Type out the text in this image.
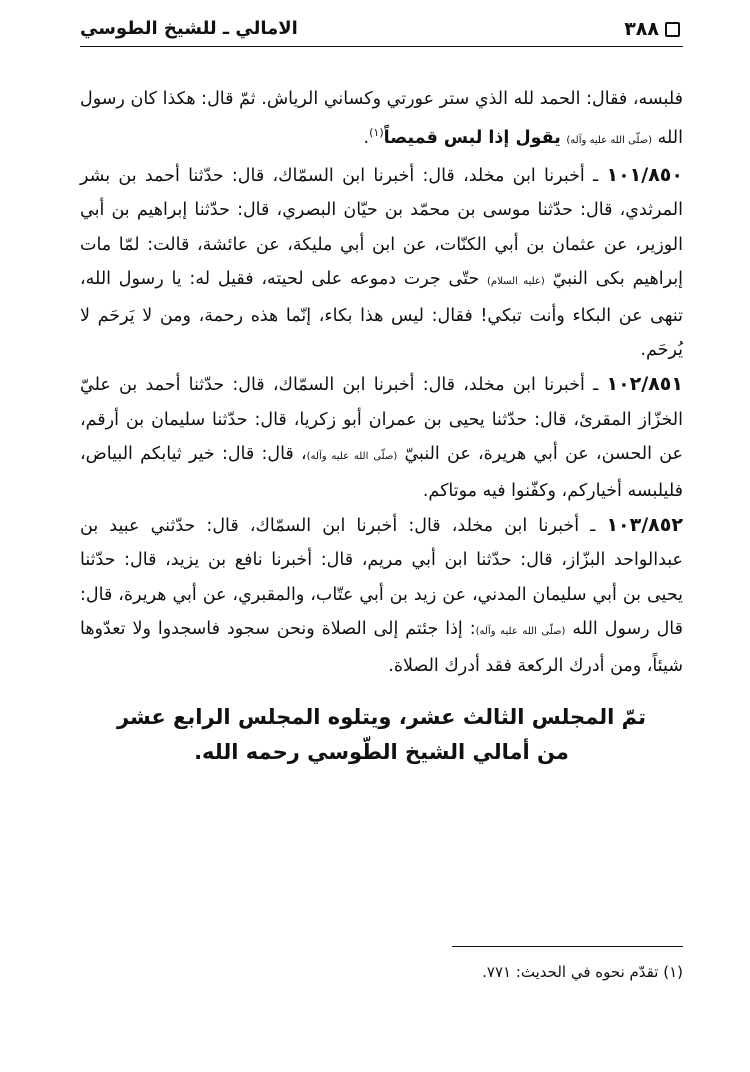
٣٨٨
الامالي ـ للشيخ الطوسي

فلبسه، فقال: الحمد لله الذي ستر عورتي وكساني الرياش. ثمّ قال: هكذا كان رسول الله (صلّى الله عليه وآله) يقول إذا لبس قميصاً$^{(١)}$.

١٠١/٨٥٠ ـ أخبرنا ابن مخلد، قال: أخبرنا ابن السمّاك، قال: حدّثنا أحمد بن بشر المرثدي، قال: حدّثنا موسى بن محمّد بن حيّان البصري، قال: حدّثنا إبراهيم بن أبي الوزير، عن عثمان بن أبي الكنّات، عن ابن أبي مليكة، عن عائشة، قالت: لمّا مات إبراهيم بكى النبيّ (عليه السلام) حتّى جرت دموعه على لحيته، فقيل له: يا رسول الله، تنهى عن البكاء وأنت تبكي! فقال: ليس هذا بكاء، إنّما هذه رحمة، ومن لا يَرحَم لا يُرحَم.

١٠٢/٨٥١ ـ أخبرنا ابن مخلد، قال: أخبرنا ابن السمّاك، قال: حدّثنا أحمد بن عليّ الخزّاز المقرئ، قال: حدّثنا يحيى بن عمران أبو زكريا، قال: حدّثنا سليمان بن أرقم، عن الحسن، عن أبي هريرة، عن النبيّ (صلّى الله عليه وآله)، قال: قال: خير ثيابكم البياض، فليلبسه أخياركم، وكفّنوا فيه موتاكم.

١٠٣/٨٥٢ ـ أخبرنا ابن مخلد، قال: أخبرنا ابن السمّاك، قال: حدّثني عبيد بن عبدالواحد البزّاز، قال: حدّثنا ابن أبي مريم، قال: أخبرنا نافع بن يزيد، قال: حدّثنا يحيى بن أبي سليمان المدني، عن زيد بن أبي عتّاب، والمقبري، عن أبي هريرة، قال: قال رسول الله (صلّى الله عليه وآله): إذا جئتم إلى الصلاة ونحن سجود فاسجدوا ولا تعدّوها شيئاً، ومن أدرك الركعة فقد أدرك الصلاة.

تمّ المجلس الثالث عشر، ويتلوه المجلس الرابع عشر
من أمالي الشيخ الطّوسي رحمه الله.
(١) تقدّم نحوه في الحديث: ٧٧١.
